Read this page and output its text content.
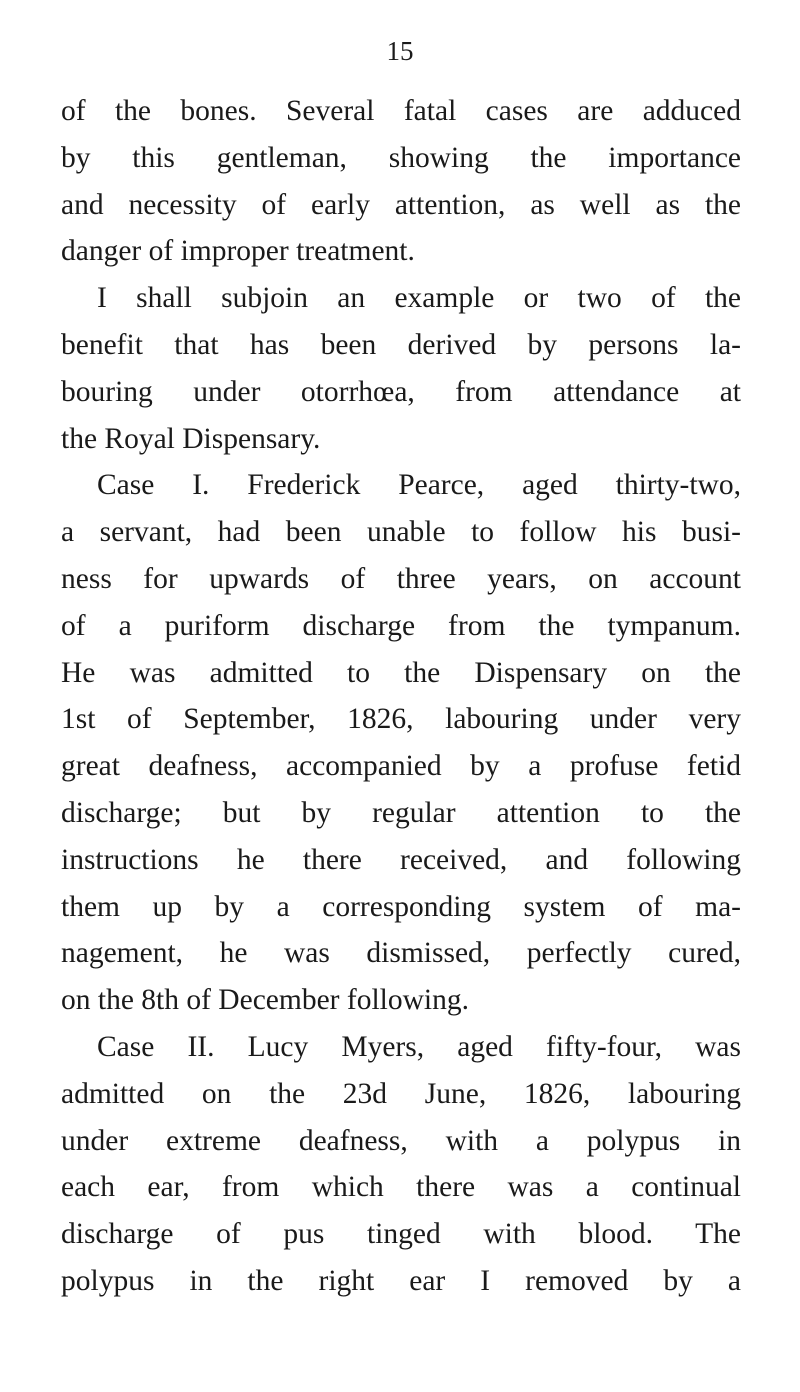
15
of the bones. Several fatal cases are adduced
by this gentleman, showing the importance
and necessity of early attention, as well as the
danger of improper treatment.
I shall subjoin an example or two of the
benefit that has been derived by persons la-
bouring under otorrhœa, from attendance at
the Royal Dispensary.
Case I. Frederick Pearce, aged thirty-two,
a servant, had been unable to follow his busi-
ness for upwards of three years, on account
of a puriform discharge from the tympanum.
He was admitted to the Dispensary on the
1st of September, 1826, labouring under very
great deafness, accompanied by a profuse fetid
discharge; but by regular attention to the
instructions he there received, and following
them up by a corresponding system of ma-
nagement, he was dismissed, perfectly cured,
on the 8th of December following.
Case II. Lucy Myers, aged fifty-four, was
admitted on the 23d June, 1826, labouring
under extreme deafness, with a polypus in
each ear, from which there was a continual
discharge of pus tinged with blood. The
polypus in the right ear I removed by a
